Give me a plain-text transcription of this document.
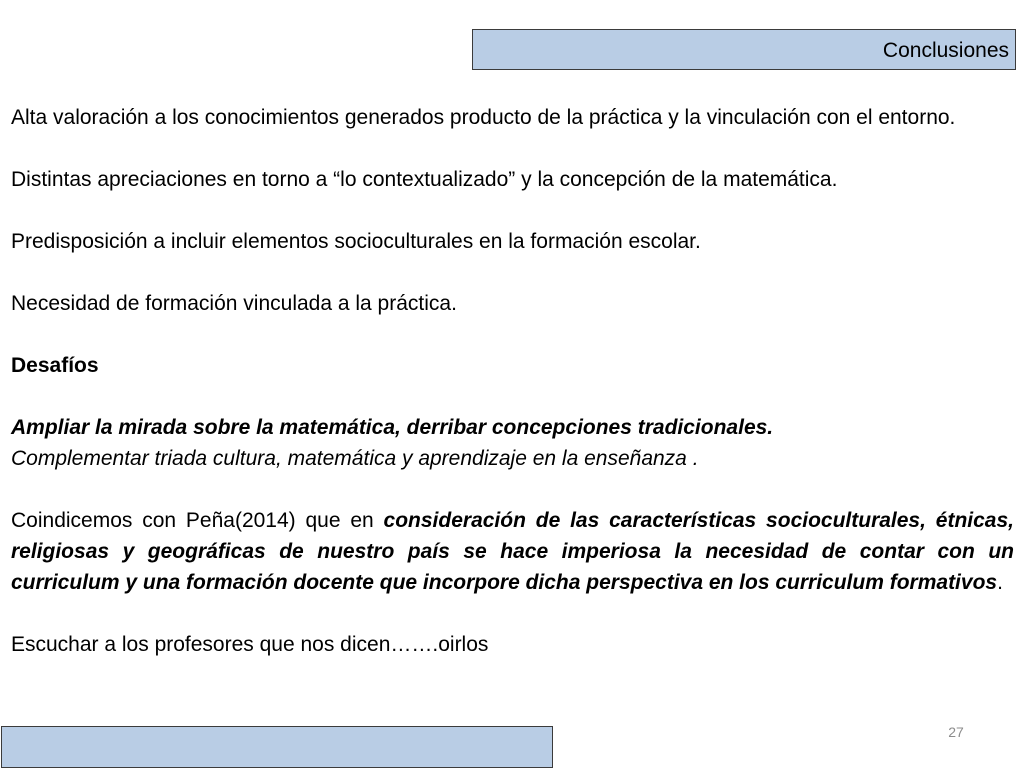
Conclusiones

Alta valoración a los conocimientos generados producto de la práctica y la vinculación con el entorno.

Distintas apreciaciones en torno a “lo contextualizado” y la concepción de la matemática.

Predisposición a incluir elementos socioculturales en la formación escolar.

Necesidad de formación vinculada a la práctica.

Desafíos

Ampliar la mirada sobre la matemática, derribar concepciones tradicionales.

Complementar triada cultura, matemática y aprendizaje en la enseñanza .

Coindicemos con Peña(2014) que en consideración de las características socioculturales, étnicas, religiosas y geográficas de nuestro país se hace imperiosa la necesidad de contar con un curriculum y una formación docente que incorpore dicha perspectiva en los curriculum formativos.

Escuchar a los profesores que nos dicen…….oirlos

27
